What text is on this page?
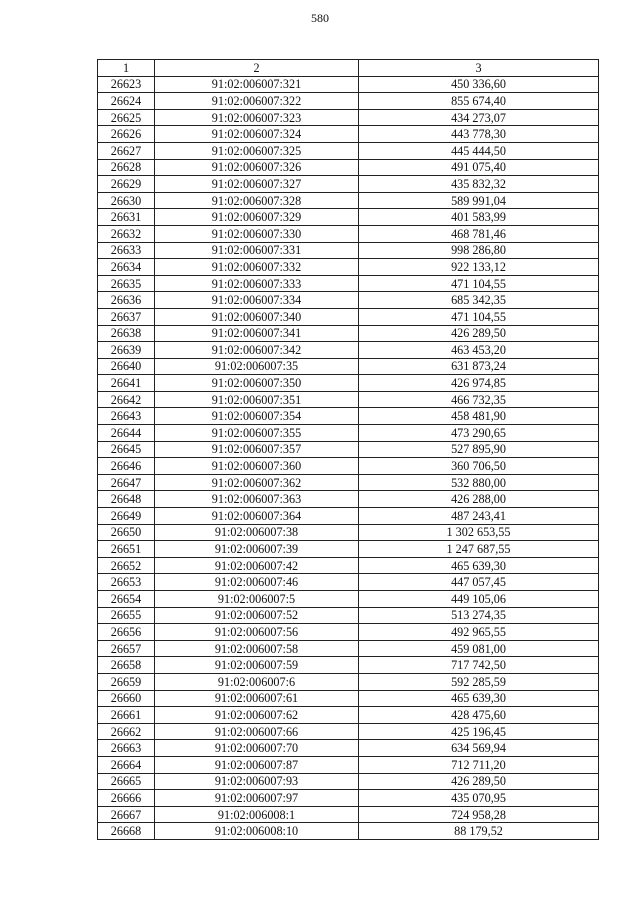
580
1	2	3
26623	91:02:006007:321	450 336,60
26624	91:02:006007:322	855 674,40
26625	91:02:006007:323	434 273,07
26626	91:02:006007:324	443 778,30
26627	91:02:006007:325	445 444,50
26628	91:02:006007:326	491 075,40
26629	91:02:006007:327	435 832,32
26630	91:02:006007:328	589 991,04
26631	91:02:006007:329	401 583,99
26632	91:02:006007:330	468 781,46
26633	91:02:006007:331	998 286,80
26634	91:02:006007:332	922 133,12
26635	91:02:006007:333	471 104,55
26636	91:02:006007:334	685 342,35
26637	91:02:006007:340	471 104,55
26638	91:02:006007:341	426 289,50
26639	91:02:006007:342	463 453,20
26640	91:02:006007:35	631 873,24
26641	91:02:006007:350	426 974,85
26642	91:02:006007:351	466 732,35
26643	91:02:006007:354	458 481,90
26644	91:02:006007:355	473 290,65
26645	91:02:006007:357	527 895,90
26646	91:02:006007:360	360 706,50
26647	91:02:006007:362	532 880,00
26648	91:02:006007:363	426 288,00
26649	91:02:006007:364	487 243,41
26650	91:02:006007:38	1 302 653,55
26651	91:02:006007:39	1 247 687,55
26652	91:02:006007:42	465 639,30
26653	91:02:006007:46	447 057,45
26654	91:02:006007:5	449 105,06
26655	91:02:006007:52	513 274,35
26656	91:02:006007:56	492 965,55
26657	91:02:006007:58	459 081,00
26658	91:02:006007:59	717 742,50
26659	91:02:006007:6	592 285,59
26660	91:02:006007:61	465 639,30
26661	91:02:006007:62	428 475,60
26662	91:02:006007:66	425 196,45
26663	91:02:006007:70	634 569,94
26664	91:02:006007:87	712 711,20
26665	91:02:006007:93	426 289,50
26666	91:02:006007:97	435 070,95
26667	91:02:006008:1	724 958,28
26668	91:02:006008:10	88 179,52
